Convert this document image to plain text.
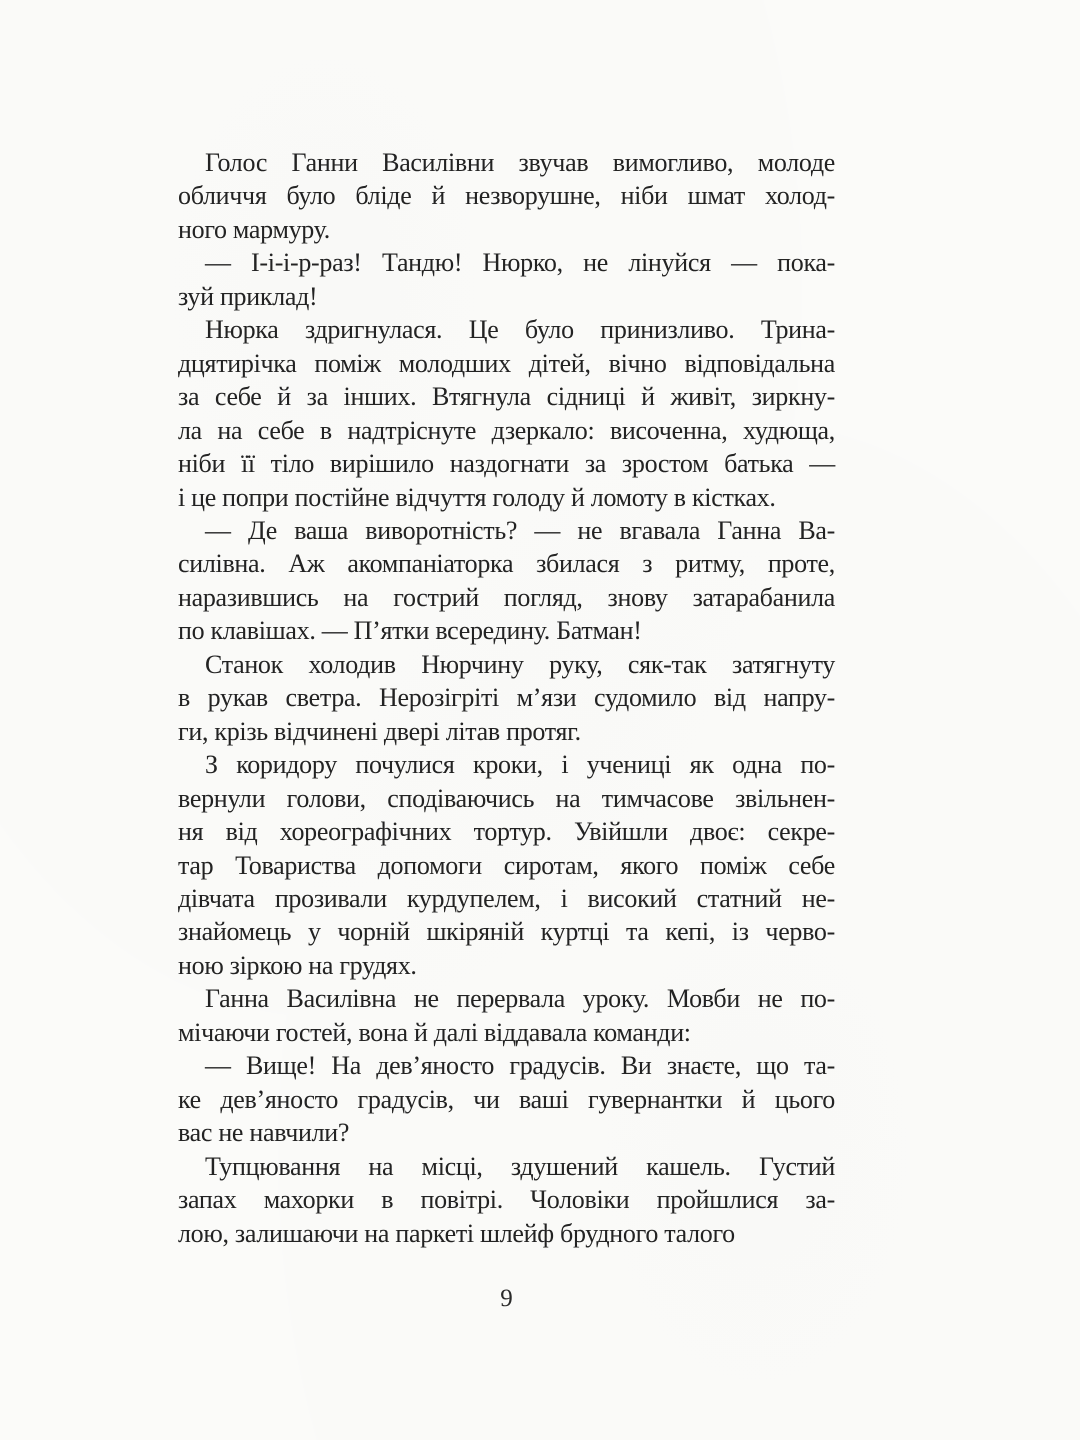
Голос Ганни Василівни звучав вимогливо, молоде
обличчя було бліде й незворушне, ніби шмат холод-
ного мармуру.
— І-і-і-р-раз! Тандю! Нюрко, не лінуйся — пока-
зуй приклад!
Нюрка здригнулася. Це було принизливо. Трина-
дцятирічка поміж молодших дітей, вічно відповідальна
за себе й за інших. Втягнула сідниці й живіт, зиркну-
ла на себе в надтріснуте дзеркало: височенна, худюща,
ніби її тіло вирішило наздогнати за зростом батька —
і це попри постійне відчуття голоду й ломоту в кістках.
— Де ваша виворотність? — не вгавала Ганна Ва-
силівна. Аж акомпаніаторка збилася з ритму, проте,
наразившись на гострий погляд, знову затарабанила
по клавішах. — П’ятки всередину. Батман!
Станок холодив Нюрчину руку, сяк-так затягнуту
в рукав светра. Нерозігріті м’язи судомило від напру-
ги, крізь відчинені двері літав протяг.
З коридору почулися кроки, і учениці як одна по-
вернули голови, сподіваючись на тимчасове звільнен-
ня від хореографічних тортур. Увійшли двоє: секре-
тар Товариства допомоги сиротам, якого поміж себе
дівчата прозивали курдупелем, і високий статний не-
знайомець у чорній шкіряній куртці та кепі, із черво-
ною зіркою на грудях.
Ганна Василівна не перервала уроку. Мовби не по-
мічаючи гостей, вона й далі віддавала команди:
— Вище! На дев’яносто градусів. Ви знаєте, що та-
ке дев’яносто градусів, чи ваші гувернантки й цього
вас не навчили?
Тупцювання на місці, здушений кашель. Густий
запах махорки в повітрі. Чоловіки пройшлися за-
лою, залишаючи на паркеті шлейф брудного талого
9
